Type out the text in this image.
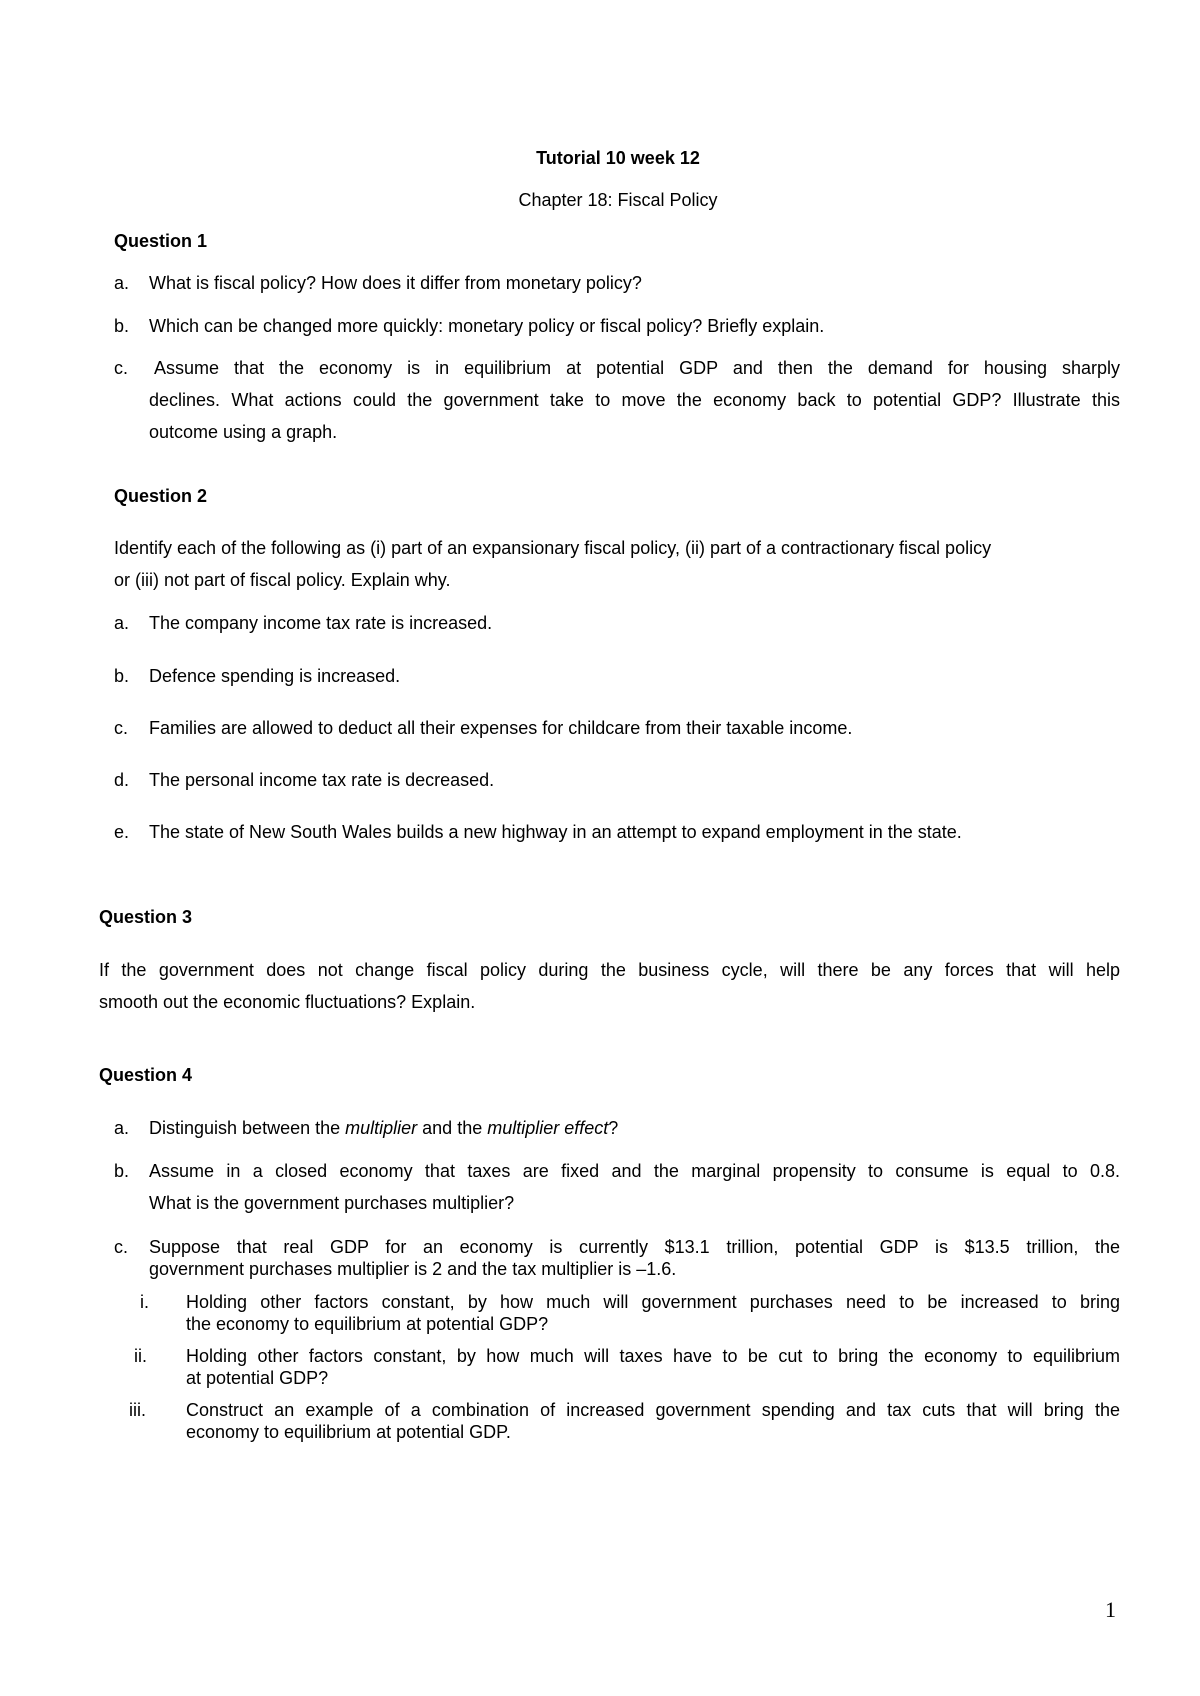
Tutorial 10 week 12
Chapter 18: Fiscal Policy
Question 1
a. What is fiscal policy? How does it differ from monetary policy?
b. Which can be changed more quickly: monetary policy or fiscal policy? Briefly explain.
c. Assume that the economy is in equilibrium at potential GDP and then the demand for housing sharply
declines. What actions could the government take to move the economy back to potential GDP? Illustrate this
outcome using a graph.
Question 2
Identify each of the following as (i) part of an expansionary fiscal policy, (ii) part of a contractionary fiscal policy
or (iii) not part of fiscal policy. Explain why.
a. The company income tax rate is increased.
b. Defence spending is increased.
c. Families are allowed to deduct all their expenses for childcare from their taxable income.
d. The personal income tax rate is decreased.
e. The state of New South Wales builds a new highway in an attempt to expand employment in the state.
Question 3
If the government does not change fiscal policy during the business cycle, will there be any forces that will help
smooth out the economic fluctuations? Explain.
Question 4
a. Distinguish between the multiplier and the multiplier effect?
b. Assume in a closed economy that taxes are fixed and the marginal propensity to consume is equal to 0.8.
What is the government purchases multiplier?
c. Suppose that real GDP for an economy is currently $13.1 trillion, potential GDP is $13.5 trillion, the
government purchases multiplier is 2 and the tax multiplier is –1.6.
i. Holding other factors constant, by how much will government purchases need to be increased to bring
the economy to equilibrium at potential GDP?
ii. Holding other factors constant, by how much will taxes have to be cut to bring the economy to equilibrium
at potential GDP?
iii. Construct an example of a combination of increased government spending and tax cuts that will bring the
economy to equilibrium at potential GDP.
1
